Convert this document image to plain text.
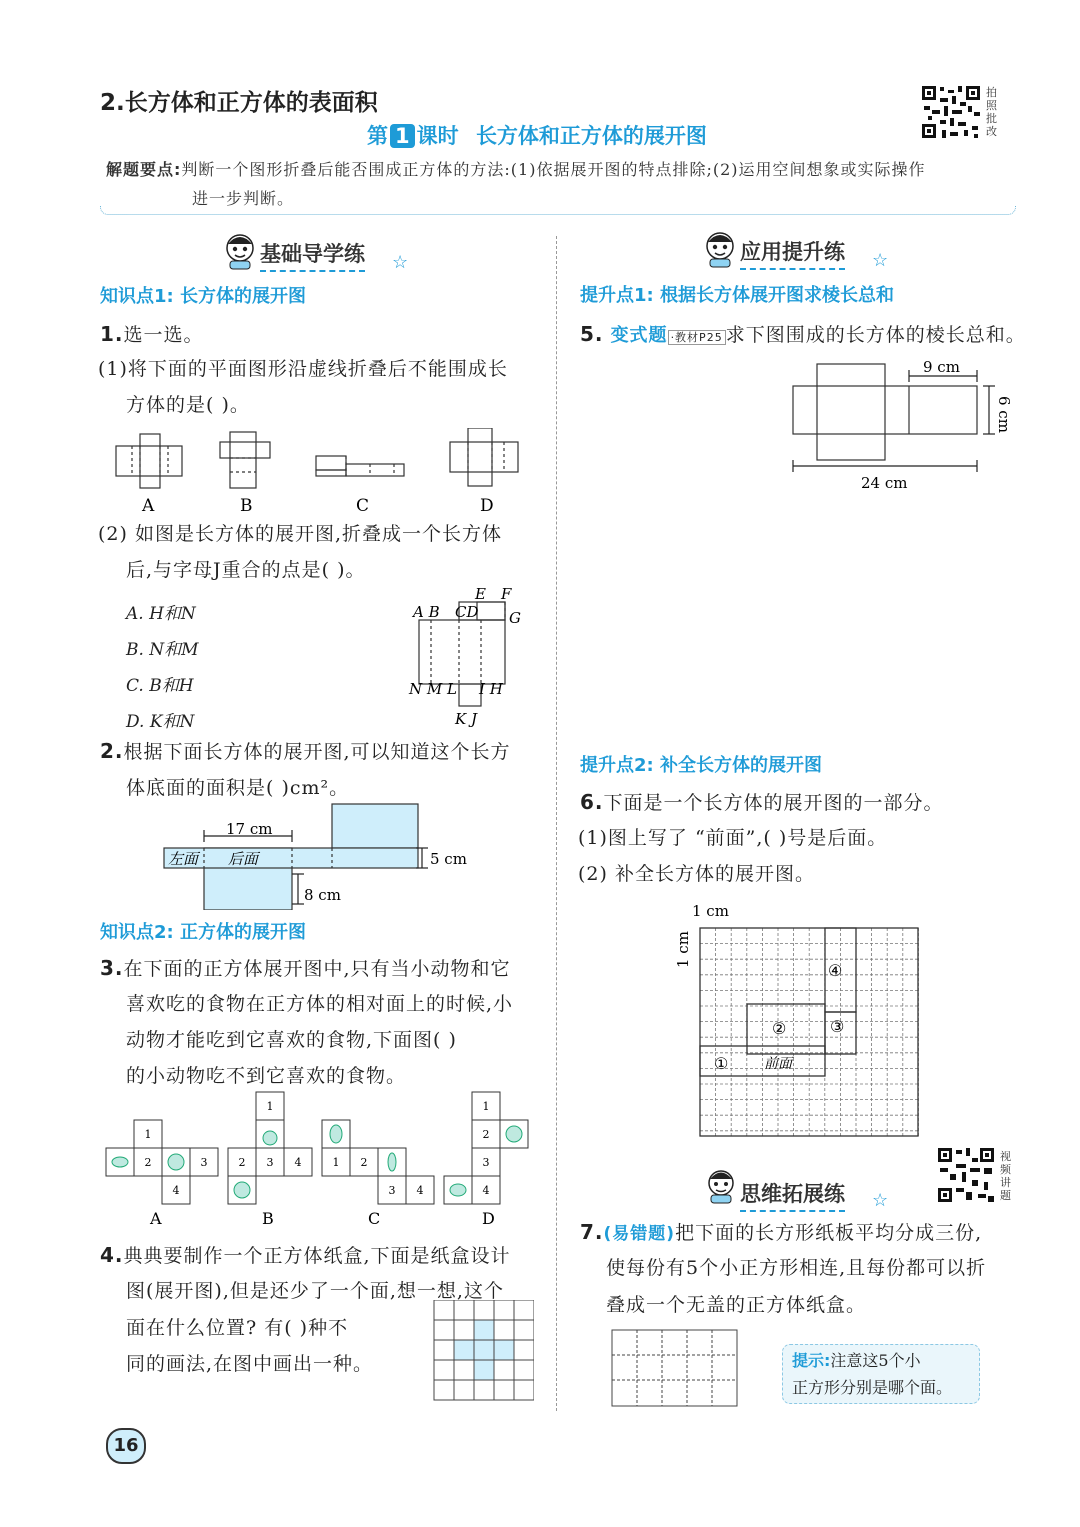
2.长方体和正方体的表面积
第 1 课时 长方体和正方体的展开图
拍照批改
解题要点:判断一个图形折叠后能否围成正方体的方法:(1)依据展开图的特点排除;(2)运用空间想象或实际操作
进一步判断。
基础导学练 ☆
知识点1: 长方体的展开图
1.选一选。
(1)将下面的平面图形沿虚线折叠后不能围成长
方体的是( )。
A	B	C	D
(2) 如图是长方体的展开图,折叠成一个长方体
后,与字母J重合的点是( )。
A. H和N
B. N和M
C. B和H
D. K和N
A B CD
E F
G
N M L I H
K J
2.根据下面长方体的展开图,可以知道这个长方
体底面的面积是( )cm²。
17 cm
5 cm
8 cm
左面 后面
知识点2: 正方体的展开图
3.在下面的正方体展开图中,只有当小动物和它
喜欢吃的食物在正方体的相对面上的时候,小
动物才能吃到它喜欢的食物,下面图( )
的小动物吃不到它喜欢的食物。
1
2	3
4
1
2 3 4	1 2
3 4
1
2
3
4
A	B	C	D
4.典典要制作一个正方体纸盒,下面是纸盒设计
图(展开图),但是还少了一个面,想一想,这个
面在什么位置? 有( )种不
同的画法,在图中画出一种。
16
应用提升练 ☆
提升点1: 根据长方体展开图求棱长总和
5. 变式题 ·教材P25 求下图围成的长方体的棱长总和。
9 cm
6 cm
24 cm
提升点2: 补全长方体的展开图
6.下面是一个长方体的展开图的一部分。
(1)图上写了 “前面”,( )号是后面。
(2) 补全长方体的展开图。
1 cm
1 cm
①
②	③
④
前面
思维拓展练 ☆
视频讲题
7.(易错题)把下面的长方形纸板平均分成三份,
使每份有5个小正方形相连,且每份都可以折
叠成一个无盖的正方体纸盒。
提示:注意这5个小
正方形分别是哪个面。
